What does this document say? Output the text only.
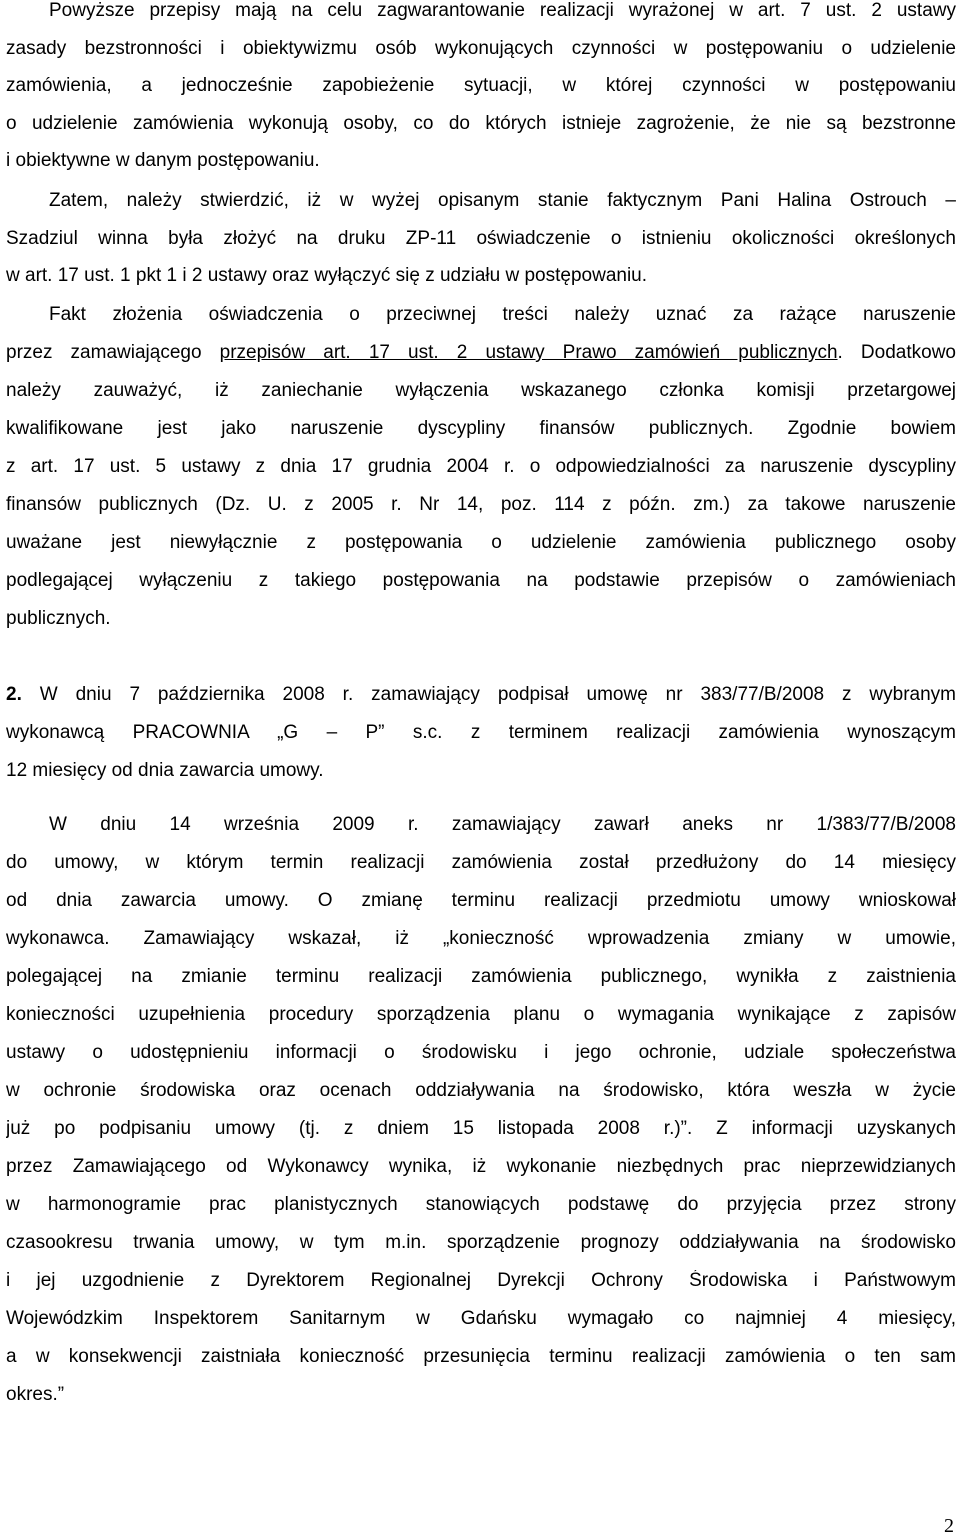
Powyższe przepisy mają na celu zagwarantowanie realizacji wyrażonej w art. 7 ust. 2 ustawy
zasady bezstronności i obiektywizmu osób wykonujących czynności w postępowaniu o udzielenie
zamówienia, a jednocześnie zapobieżenie sytuacji, w której czynności w postępowaniu
o udzielenie zamówienia wykonują osoby, co do których istnieje zagrożenie, że nie są bezstronne
i obiektywne w danym postępowaniu.
Zatem, należy stwierdzić, iż w wyżej opisanym stanie faktycznym Pani Halina Ostrouch –
Szadziul winna była złożyć na druku ZP-11 oświadczenie o istnieniu okoliczności określonych
w art. 17 ust. 1 pkt 1 i 2 ustawy oraz wyłączyć się z udziału w postępowaniu.
Fakt złożenia oświadczenia o przeciwnej treści należy uznać za rażące naruszenie
przez zamawiającego przepisów art. 17 ust. 2 ustawy Prawo zamówień publicznych. Dodatkowo
należy zauważyć, iż zaniechanie wyłączenia wskazanego członka komisji przetargowej
kwalifikowane jest jako naruszenie dyscypliny finansów publicznych. Zgodnie bowiem
z art. 17 ust. 5 ustawy z dnia 17 grudnia 2004 r. o odpowiedzialności za naruszenie dyscypliny
finansów publicznych (Dz. U. z 2005 r. Nr 14, poz. 114 z późn. zm.) za takowe naruszenie
uważane jest niewyłącznie z postępowania o udzielenie zamówienia publicznego osoby
podlegającej wyłączeniu z takiego postępowania na podstawie przepisów o zamówieniach
publicznych.
2. W dniu 7 października 2008 r. zamawiający podpisał umowę nr 383/77/B/2008 z wybranym
wykonawcą PRACOWNIA „G – P” s.c. z terminem realizacji zamówienia wynoszącym
12 miesięcy od dnia zawarcia umowy.
W dniu 14 września 2009 r. zamawiający zawarł aneks nr 1/383/77/B/2008
do umowy, w którym termin realizacji zamówienia został przedłużony do 14 miesięcy
od dnia zawarcia umowy. O zmianę terminu realizacji przedmiotu umowy wnioskował
wykonawca. Zamawiający wskazał, iż „konieczność wprowadzenia zmiany w umowie,
polegającej na zmianie terminu realizacji zamówienia publicznego, wynikła z zaistnienia
konieczności uzupełnienia procedury sporządzenia planu o wymagania wynikające z zapisów
ustawy o udostępnieniu informacji o środowisku i jego ochronie, udziale społeczeństwa
w ochronie środowiska oraz ocenach oddziaływania na środowisko, która weszła w życie
już po podpisaniu umowy (tj. z dniem 15 listopada 2008 r.)”. Z informacji uzyskanych
przez Zamawiającego od Wykonawcy wynika, iż wykonanie niezbędnych prac nieprzewidzianych
w harmonogramie prac planistycznych stanowiących podstawę do przyjęcia przez strony
czasookresu trwania umowy, w tym m.in. sporządzenie prognozy oddziaływania na środowisko
i jej uzgodnienie z Dyrektorem Regionalnej Dyrekcji Ochrony Środowiska i Państwowym
Wojewódzkim Inspektorem Sanitarnym w Gdańsku wymagało co najmniej 4 miesięcy,
a w konsekwencji zaistniała konieczność przesunięcia terminu realizacji zamówienia o ten sam
okres.”
2
